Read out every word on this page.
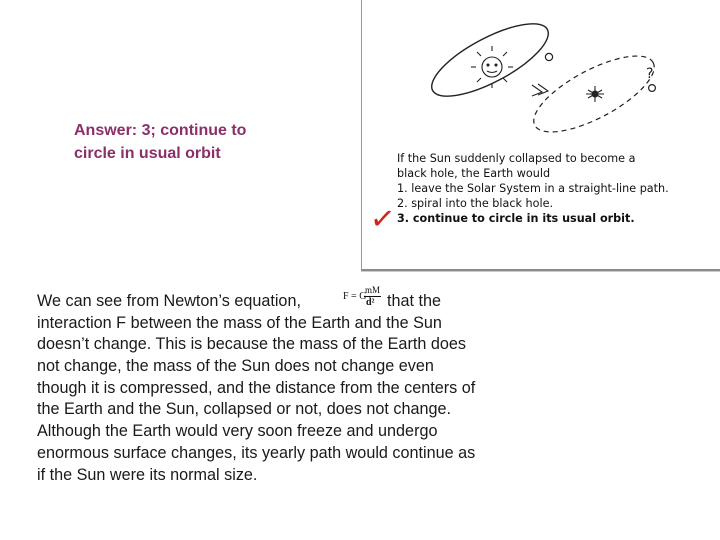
Answer: 3; continue to
circle in usual orbit
?
If the Sun suddenly collapsed to become a
black hole, the Earth would
1. leave the Solar System in a straight-line path.
2. spiral into the black hole.
3. continue to circle in its usual orbit.
✓
F = G
mM
d²
We can see from Newton’s equation,	that the
interaction F between the mass of the Earth and the Sun
doesn’t change. This is because the mass of the Earth does
not change, the mass of the Sun does not change even
though it is compressed, and the distance from the centers of
the Earth and the Sun, collapsed or not, does not change.
Although the Earth would very soon freeze and undergo
enormous surface changes, its yearly path would continue as
if the Sun were its normal size.
